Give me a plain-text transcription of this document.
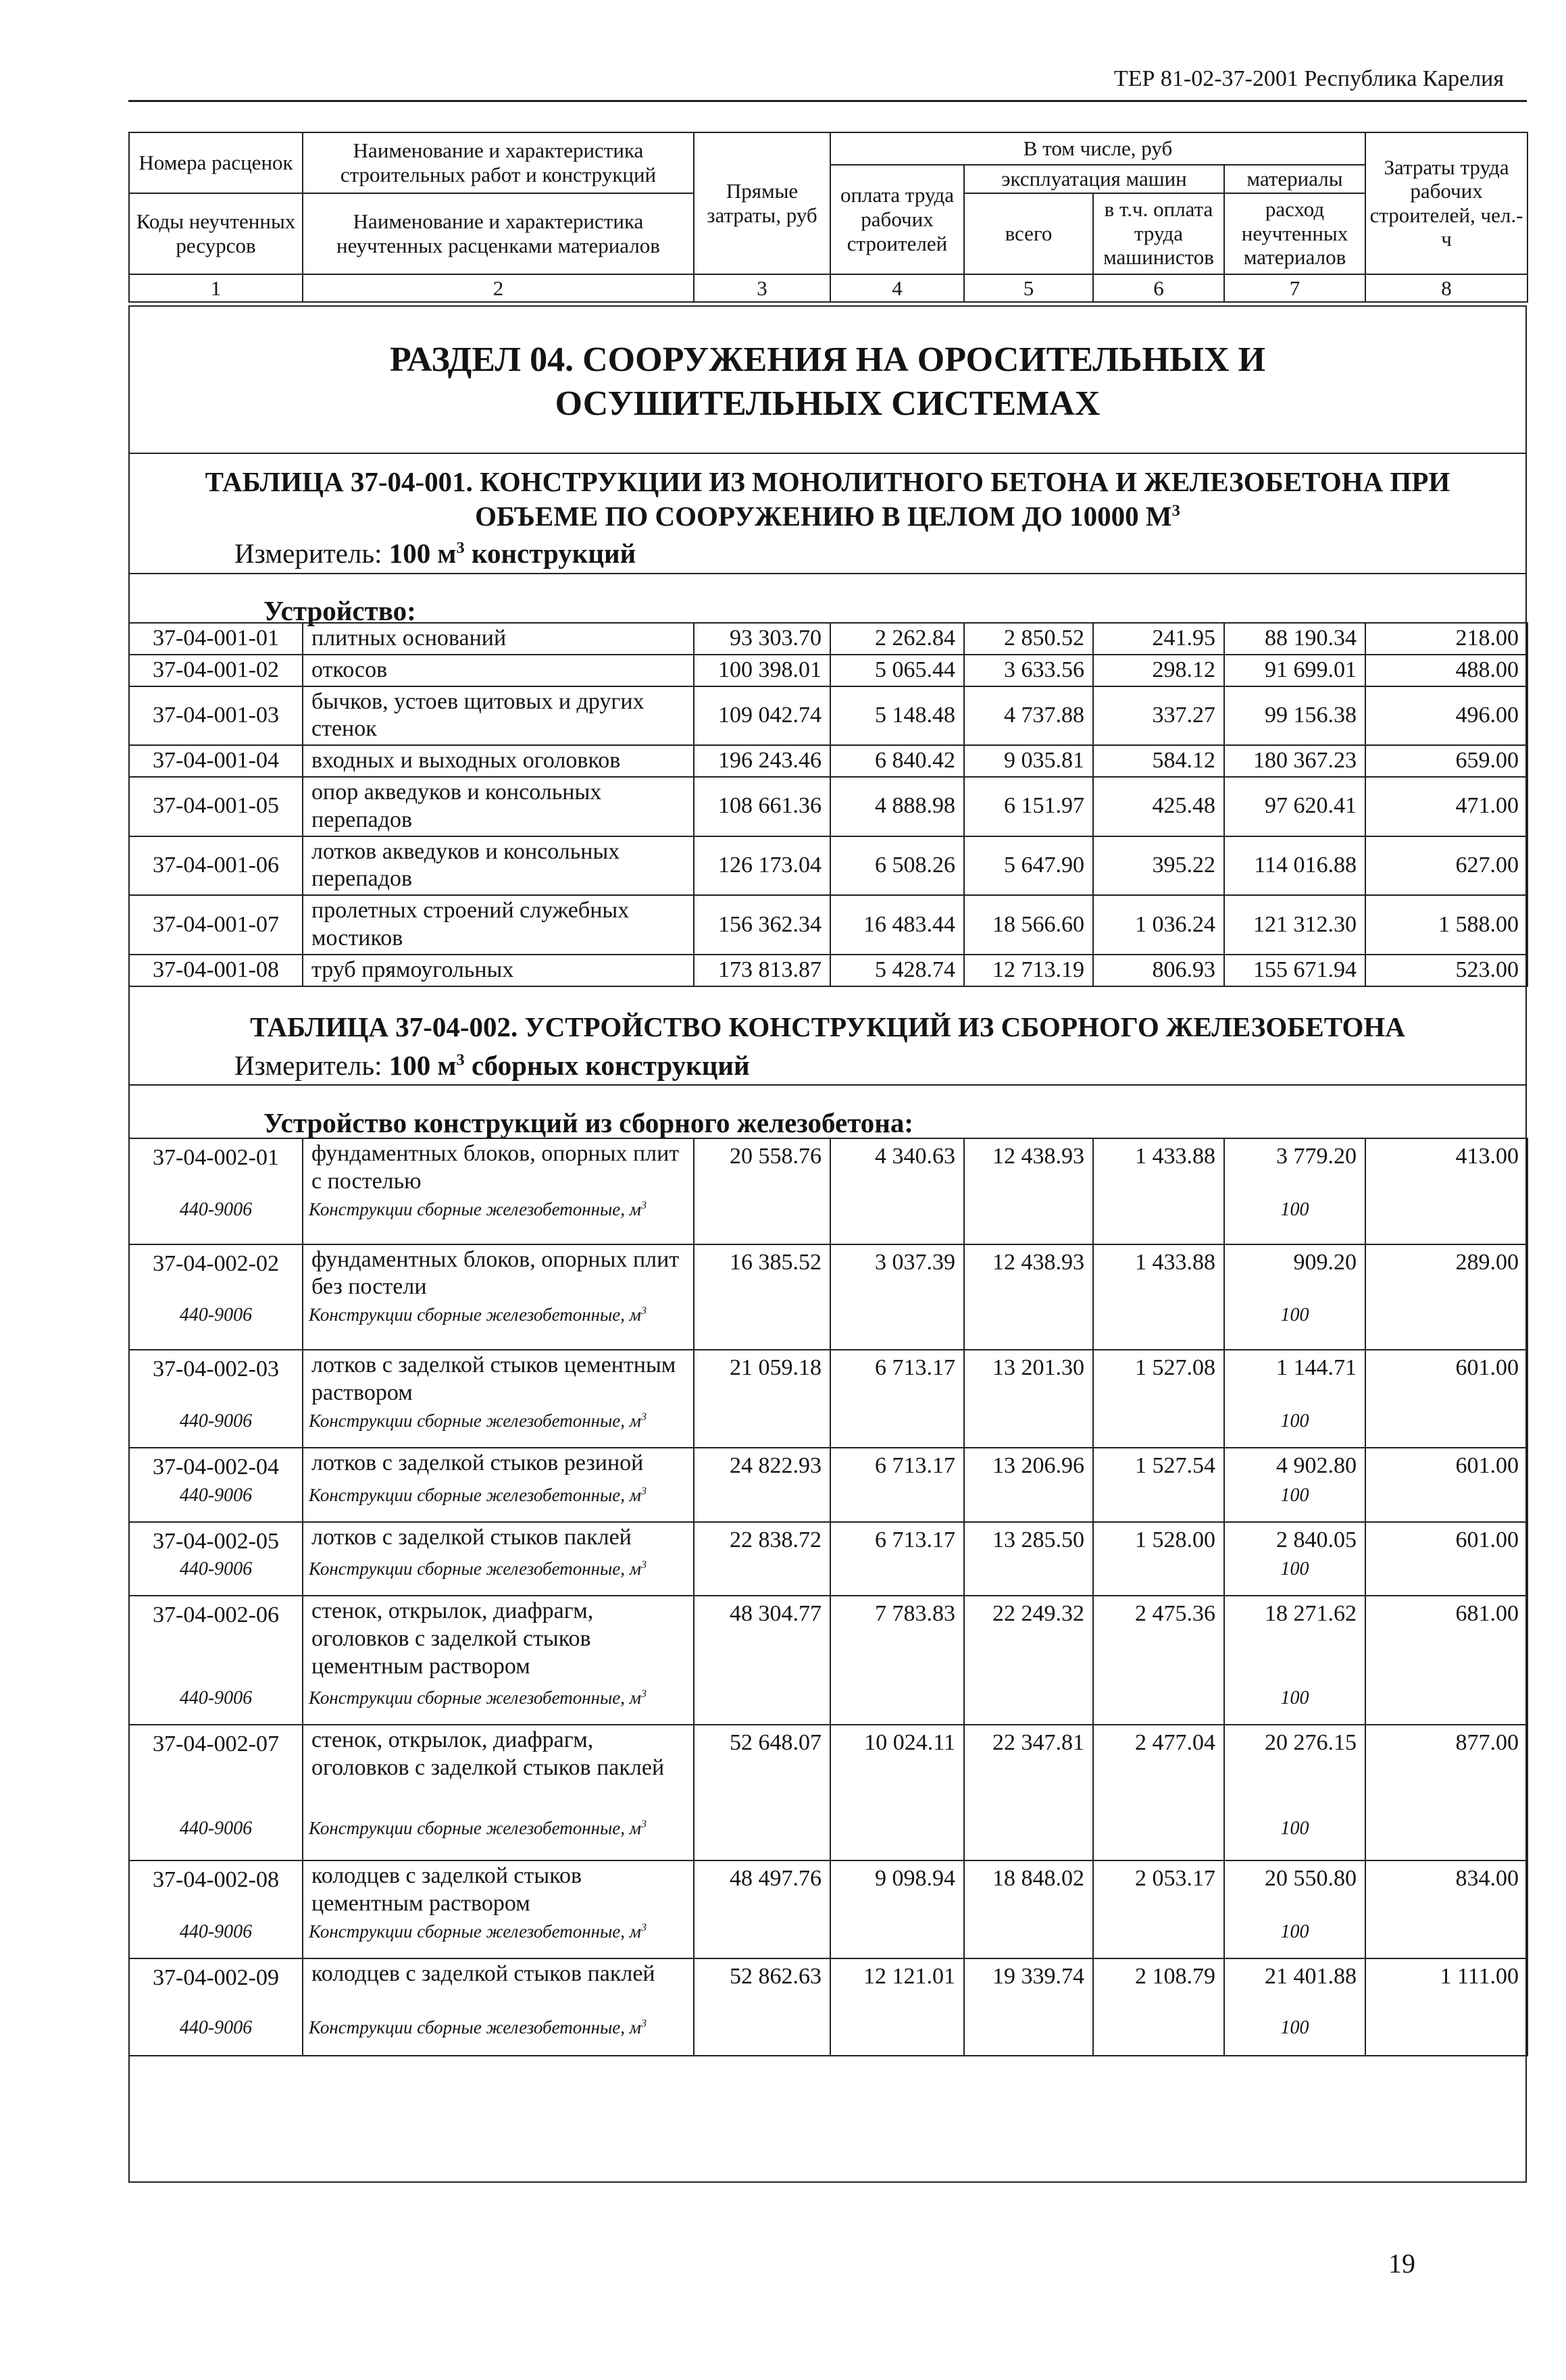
ТЕР 81-02-37-2001 Республика Карелия
Номера расценок	Наименование и характеристика строительных работ и конструкций	Прямые затраты, руб	В том числе, руб				Затраты труда рабочих строителей, чел.-ч
			оплата труда рабочих строителей	эксплуатация машин		материалы	
Коды неучтенных ресурсов	Наименование и характеристика неучтенных расценками материалов			всего	в т.ч. оплата труда машинистов	расход неучтенных материалов	

1	2	3	4	5	6	7	8
РАЗДЕЛ 04. СООРУЖЕНИЯ НА ОРОСИТЕЛЬНЫХ И ОСУШИТЕЛЬНЫХ СИСТЕМАХ
ТАБЛИЦА 37-04-001. КОНСТРУКЦИИ ИЗ МОНОЛИТНОГО БЕТОНА И ЖЕЛЕЗОБЕТОНА ПРИ
ОБЪЕМЕ ПО СООРУЖЕНИЮ В ЦЕЛОМ ДО 10000 $М^3$
Измеритель: 100 $м^3$ конструкций
Устройство:
37-04-001-01	плитных оснований	93 303.70	2 262.84	2 850.52	241.95	88 190.34	218.00
37-04-001-02	откосов	100 398.01	5 065.44	3 633.56	298.12	91 699.01	488.00
37-04-001-03	бычков, устоев щитовых и других стенок	109 042.74	5 148.48	4 737.88	337.27	99 156.38	496.00
37-04-001-04	входных и выходных оголовков	196 243.46	6 840.42	9 035.81	584.12	180 367.23	659.00
37-04-001-05	опор акведуков и консольных перепадов	108 661.36	4 888.98	6 151.97	425.48	97 620.41	471.00
37-04-001-06	лотков акведуков и консольных перепадов	126 173.04	6 508.26	5 647.90	395.22	114 016.88	627.00
37-04-001-07	пролетных строений служебных мостиков	156 362.34	16 483.44	18 566.60	1 036.24	121 312.30	1 588.00
37-04-001-08	труб прямоугольных	173 813.87	5 428.74	12 713.19	806.93	155 671.94	523.00
ТАБЛИЦА 37-04-002. УСТРОЙСТВО КОНСТРУКЦИЙ ИЗ СБОРНОГО ЖЕЛЕЗОБЕТОНА
Измеритель: 100 $м^3$ сборных конструкций
Устройство конструкций из сборного железобетона:
37-04-002-01	фундаментных блоков, опорных плит с постелью	20 558.76	4 340.63	12 438.93	1 433.88	3 779.20	413.00
440-9006	Конструкции сборные железобетонные, $м^3$					100	
37-04-002-02	фундаментных блоков, опорных плит без постели	16 385.52	3 037.39	12 438.93	1 433.88	909.20	289.00
440-9006	Конструкции сборные железобетонные, $м^3$					100	
37-04-002-03	лотков с заделкой стыков цементным раствором	21 059.18	6 713.17	13 201.30	1 527.08	1 144.71	601.00
440-9006	Конструкции сборные железобетонные, $м^3$					100	
37-04-002-04	лотков с заделкой стыков резиной	24 822.93	6 713.17	13 206.96	1 527.54	4 902.80	601.00
440-9006	Конструкции сборные железобетонные, $м^3$					100	
37-04-002-05	лотков с заделкой стыков паклей	22 838.72	6 713.17	13 285.50	1 528.00	2 840.05	601.00
440-9006	Конструкции сборные железобетонные, $м^3$					100	
37-04-002-06	стенок, открылок, диафрагм, оголовков с заделкой стыков цементным раствором	48 304.77	7 783.83	22 249.32	2 475.36	18 271.62	681.00
440-9006	Конструкции сборные железобетонные, $м^3$					100	
37-04-002-07	стенок, открылок, диафрагм, оголовков с заделкой стыков паклей	52 648.07	10 024.11	22 347.81	2 477.04	20 276.15	877.00
440-9006	Конструкции сборные железобетонные, $м^3$					100	
37-04-002-08	колодцев с заделкой стыков цементным раствором	48 497.76	9 098.94	18 848.02	2 053.17	20 550.80	834.00
440-9006	Конструкции сборные железобетонные, $м^3$					100	
37-04-002-09	колодцев с заделкой стыков паклей	52 862.63	12 121.01	19 339.74	2 108.79	21 401.88	1 111.00
440-9006	Конструкции сборные железобетонные, $м^3$					100	
19
